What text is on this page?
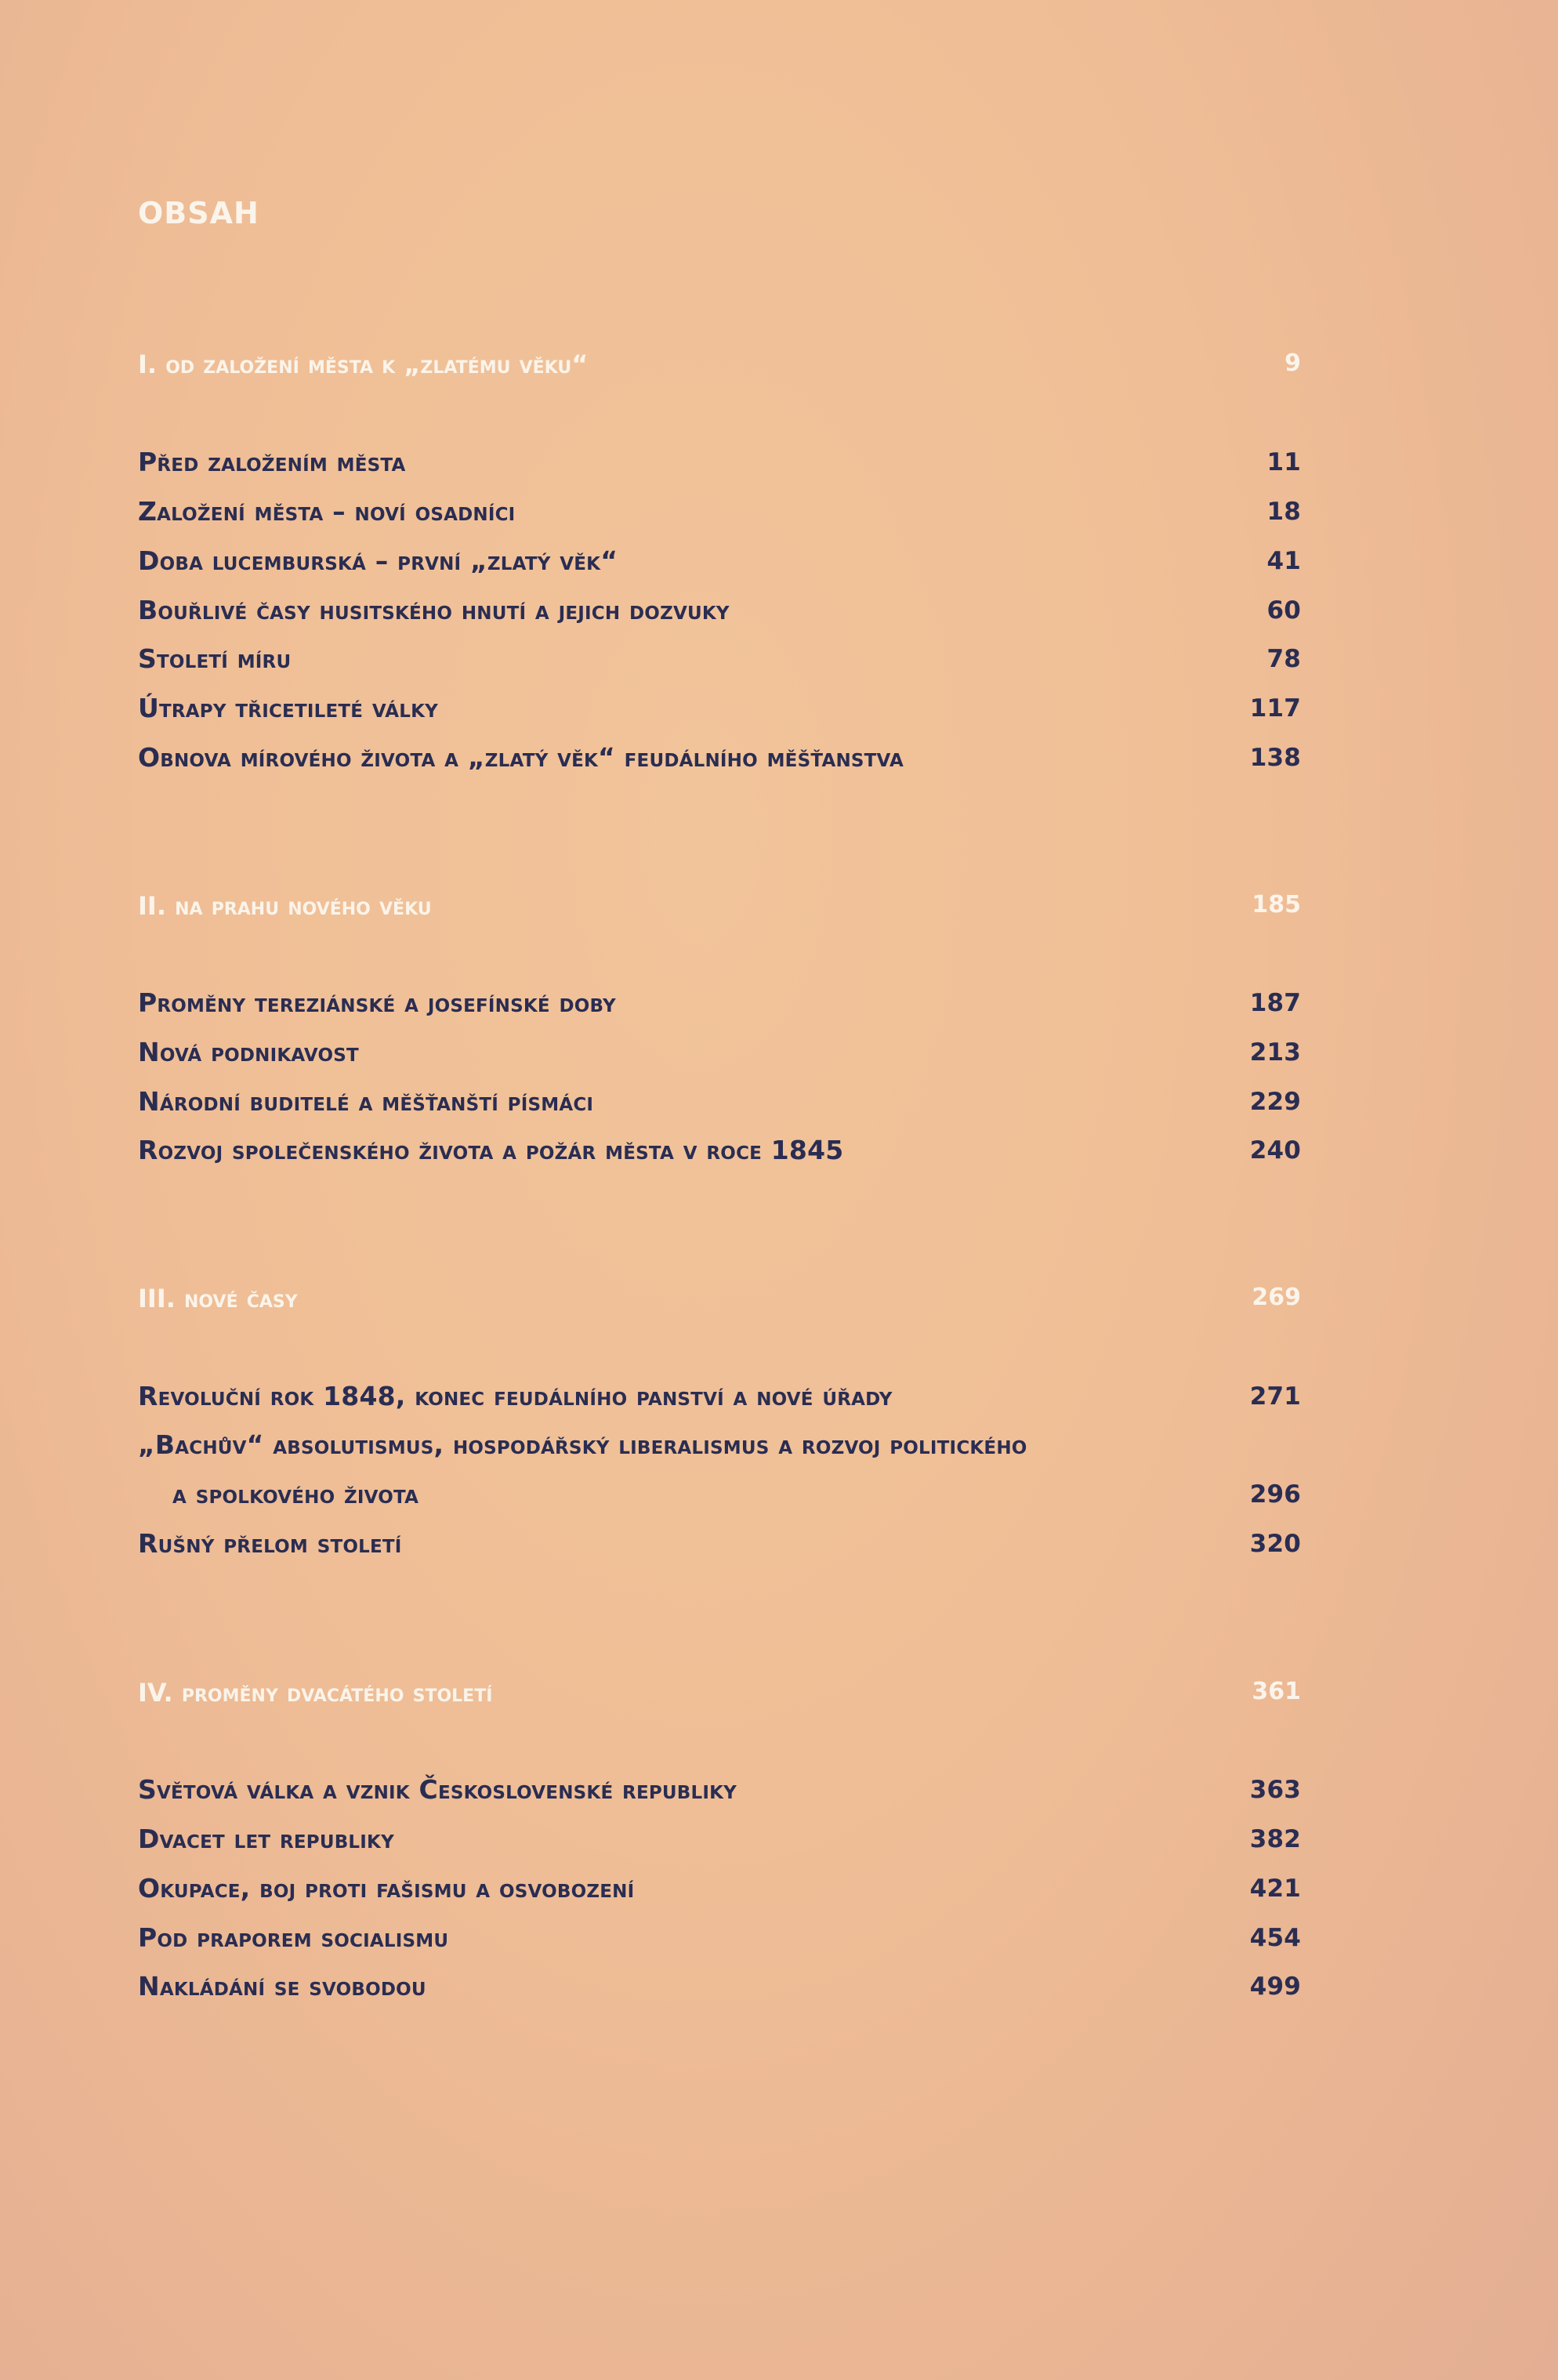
OBSAH
I. od založení města k „zlatému věku“	9
Před založením města	11
Založení města – noví osadníci	18
Doba lucemburská – první „zlatý věk“	41
Bouřlivé časy husitského hnutí a jejich dozvuky	60
Století míru	78
Útrapy třicetileté války	117
Obnova mírového života a „zlatý věk“ feudálního měšťanstva	138
II. na prahu nového věku	185
Proměny tereziánské a josefínské doby	187
Nová podnikavost	213
Národní buditelé a měšťanští písmáci	229
Rozvoj společenského života a požár města v roce 1845	240
III. nové časy	269
Revoluční rok 1848, konec feudálního panství a nové úřady	271
„Bachův“ absolutismus, hospodářský liberalismus a rozvoj politického
a spolkového života	296
Rušný přelom století	320
IV. proměny dvacátého století	361
Světová válka a vznik Československé republiky	363
Dvacet let republiky	382
Okupace, boj proti fašismu a osvobození	421
Pod praporem socialismu	454
Nakládání se svobodou	499
